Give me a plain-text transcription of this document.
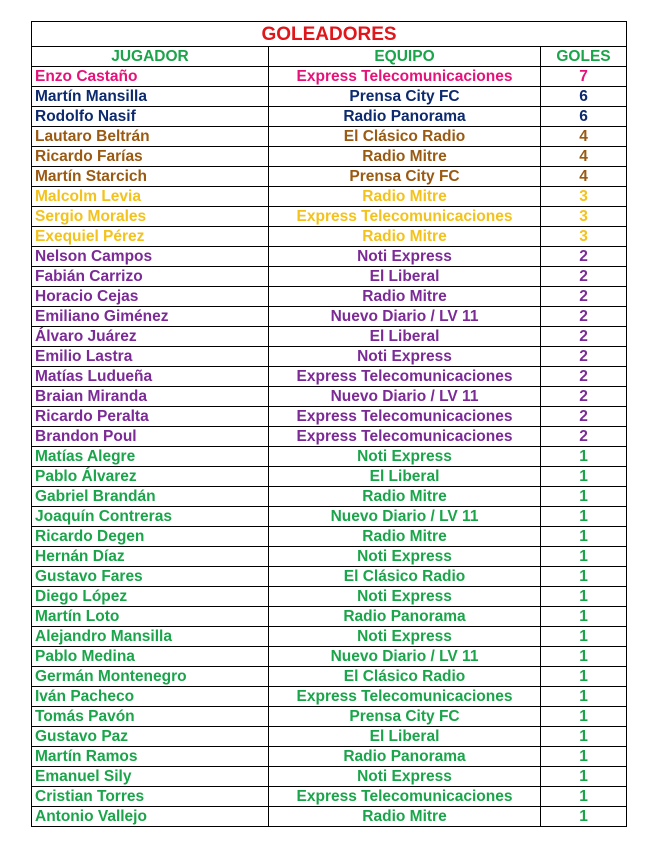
GOLEADORES		
JUGADOR	EQUIPO	GOLES
Enzo Castaño	Express Telecomunicaciones	7
Martín Mansilla	Prensa City FC	6
Rodolfo Nasif	Radio Panorama	6
Lautaro Beltrán	El Clásico Radio	4
Ricardo Farías	Radio Mitre	4
Martín Starcich	Prensa City FC	4
Malcolm Levia	Radio Mitre	3
Sergio Morales	Express Telecomunicaciones	3
Exequiel Pérez	Radio Mitre	3
Nelson Campos	Noti Express	2
Fabián Carrizo	El Liberal	2
Horacio Cejas	Radio Mitre	2
Emiliano Giménez	Nuevo Diario / LV 11	2
Álvaro Juárez	El Liberal	2
Emilio Lastra	Noti Express	2
Matías Ludueña	Express Telecomunicaciones	2
Braian Miranda	Nuevo Diario / LV 11	2
Ricardo Peralta	Express Telecomunicaciones	2
Brandon Poul	Express Telecomunicaciones	2
Matías Alegre	Noti Express	1
Pablo Álvarez	El Liberal	1
Gabriel Brandán	Radio Mitre	1
Joaquín Contreras	Nuevo Diario / LV 11	1
Ricardo Degen	Radio Mitre	1
Hernán Díaz	Noti Express	1
Gustavo Fares	El Clásico Radio	1
Diego López	Noti Express	1
Martín Loto	Radio Panorama	1
Alejandro Mansilla	Noti Express	1
Pablo Medina	Nuevo Diario / LV 11	1
Germán Montenegro	El Clásico Radio	1
Iván Pacheco	Express Telecomunicaciones	1
Tomás Pavón	Prensa City FC	1
Gustavo Paz	El Liberal	1
Martín Ramos	Radio Panorama	1
Emanuel Sily	Noti Express	1
Cristian Torres	Express Telecomunicaciones	1
Antonio Vallejo	Radio Mitre	1
